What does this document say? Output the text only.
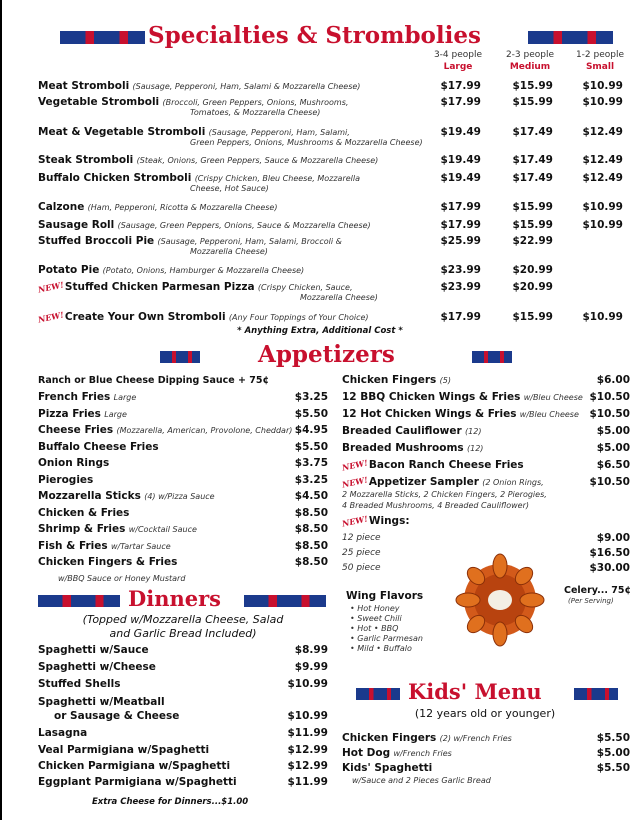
Specialties & Strombolies
3-4 people	2-3 people	1-2 people
Large	Medium	Small
Meat Stromboli (Sausage, Pepperoni, Ham, Salami & Mozzarella Cheese)	$17.99	$15.99	$10.99
Vegetable Stromboli (Broccoli, Green Peppers, Onions, Mushrooms,
Tomatoes, & Mozzarella Cheese)
$17.99	$15.99	$10.99
Meat & Vegetable Stromboli (Sausage, Pepperoni, Ham, Salami,
Green Peppers, Onions, Mushrooms & Mozzarella Cheese)
$19.49	$17.49	$12.49
Steak Stromboli (Steak, Onions, Green Peppers, Sauce & Mozzarella Cheese)	$19.49	$17.49	$12.49
Buffalo Chicken Stromboli (Crispy Chicken, Bleu Cheese, Mozzarella
Cheese, Hot Sauce)
$19.49	$17.49	$12.49
Calzone (Ham, Pepperoni, Ricotta & Mozzarella Cheese)	$17.99	$15.99	$10.99
Sausage Roll (Sausage, Green Peppers, Onions, Sauce & Mozzarella Cheese)	$17.99	$15.99	$10.99
Stuffed Broccoli Pie (Sausage, Pepperoni, Ham, Salami, Broccoli &
Mozzarella Cheese)
$25.99	$22.99
Potato Pie (Potato, Onions, Hamburger & Mozzarella Cheese)	$23.99	$20.99
NEW!Stuffed Chicken Parmesan Pizza (Crispy Chicken, Sauce,
Mozzarella Cheese)
$23.99	$20.99
NEW!Create Your Own Stromboli (Any Four Toppings of Your Choice)	$17.99	$15.99	$10.99
* Anything Extra, Additional Cost *
Appetizers
Ranch or Blue Cheese Dipping Sauce + 75¢
French Fries Large	$3.25
Pizza Fries Large	$5.50
Cheese Fries (Mozzarella, American, Provolone, Cheddar) $4.95
Buffalo Cheese Fries	$5.50
Onion Rings	$3.75
Pierogies	$3.25
Mozzarella Sticks (4) w/Pizza Sauce	$4.50
Chicken & Fries	$8.50
Shrimp & Fries w/Cocktail Sauce	$8.50
Fish & Fries w/Tartar Sauce	$8.50
Chicken Fingers & Fries	$8.50
w/BBQ Sauce or Honey Mustard
Chicken Fingers (5)	$6.00
12 BBQ Chicken Wings & Fries w/Bleu Cheese $10.50
12 Hot Chicken Wings & Fries w/Bleu Cheese	$10.50
Breaded Cauliflower (12)	$5.00
Breaded Mushrooms (12)	$5.00
NEW!Bacon Ranch Cheese Fries	$6.50
NEW!Appetizer Sampler (2 Onion Rings,	$10.50
2 Mozzarella Sticks, 2 Chicken Fingers, 2 Pierogies,
4 Breaded Mushrooms, 4 Breaded Cauliflower)
NEW!Wings:
12 piece	$9.00
25 piece	$16.50
50 piece	$30.00
Wing Flavors
• Hot Honey
• Sweet Chili
• Hot • BBQ
• Garlic Parmesan
• Mild • Buffalo
Celery... 75¢
(Per Serving)
Dinners
(Topped w/Mozzarella Cheese, Salad
and Garlic Bread Included)
Spaghetti w/Sauce	$8.99
Spaghetti w/Cheese	$9.99
Stuffed Shells	$10.99
Spaghetti w/Meatball
or Sausage & Cheese	$10.99
Lasagna	$11.99
Veal Parmigiana w/Spaghetti	$12.99
Chicken Parmigiana w/Spaghetti	$12.99
Eggplant Parmigiana w/Spaghetti	$11.99
Extra Cheese for Dinners...$1.00
Kids' Menu
(12 years old or younger)
Chicken Fingers (2) w/French Fries	$5.50
Hot Dog w/French Fries	$5.00
Kids' Spaghetti	$5.50
w/Sauce and 2 Pieces Garlic Bread
